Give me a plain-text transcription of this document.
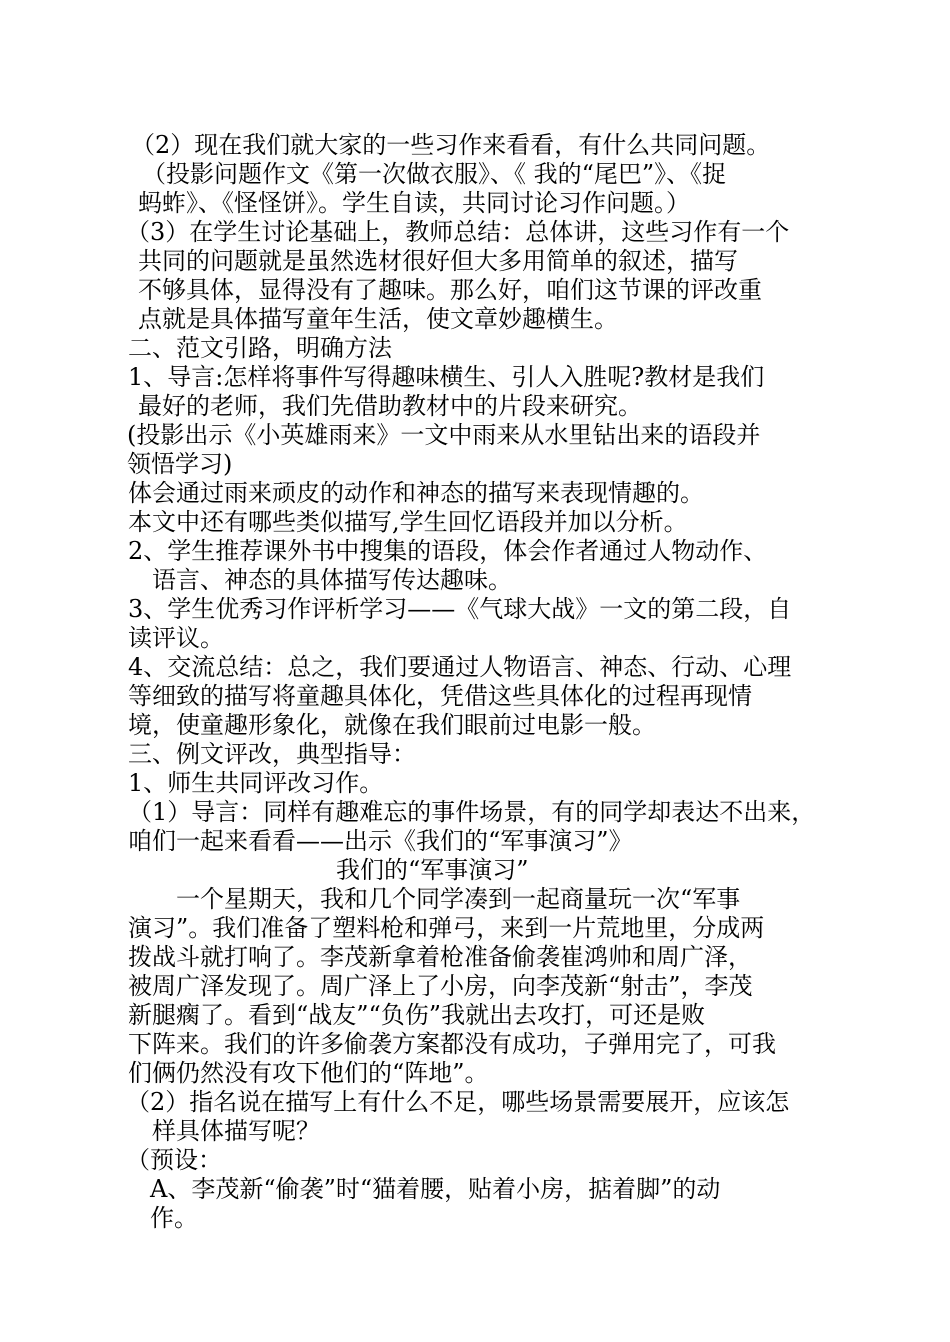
（2）现在我们就大家的一些习作来看看，有什么共同问题。
（投影问题作文《第一次做衣服》、《 我的“尾巴”》、《捉
蚂蚱》、《怪怪饼》。学生自读，共同讨论习作问题。）
（3）在学生讨论基础上，教师总结：总体讲，这些习作有一个
共同的问题就是虽然选材很好但大多用简单的叙述，描写
不够具体，显得没有了趣味。那么好，咱们这节课的评改重
点就是具体描写童年生活，使文章妙趣横生。
二、范文引路，明确方法
1、导言:怎样将事件写得趣味横生、引人入胜呢?教材是我们
最好的老师，我们先借助教材中的片段来研究。
(投影出示《小英雄雨来》一文中雨来从水里钻出来的语段并
领悟学习)
体会通过雨来顽皮的动作和神态的描写来表现情趣的。
本文中还有哪些类似描写,学生回忆语段并加以分析。
2、学生推荐课外书中搜集的语段，体会作者通过人物动作、
语言、神态的具体描写传达趣味。
3、学生优秀习作评析学习——《气球大战》一文的第二段，自
读评议。
4、交流总结：总之，我们要通过人物语言、神态、行动、心理
等细致的描写将童趣具体化，凭借这些具体化的过程再现情
境，使童趣形象化，就像在我们眼前过电影一般。
三、例文评改，典型指导：
1、师生共同评改习作。
（1）导言：同样有趣难忘的事件场景，有的同学却表达不出来，
咱们一起来看看——出示《我们的“军事演习”》
我们的“军事演习”
一个星期天，我和几个同学凑到一起商量玩一次“军事
演习”。我们准备了塑料枪和弹弓，来到一片荒地里，分成两
拨战斗就打响了。李茂新拿着枪准备偷袭崔鸿帅和周广泽，
被周广泽发现了。周广泽上了小房，向李茂新“射击”，李茂
新腿瘸了。看到“战友”“负伤”我就出去攻打，可还是败
下阵来。我们的许多偷袭方案都没有成功，子弹用完了，可我
们俩仍然没有攻下他们的“阵地”。
（2）指名说在描写上有什么不足，哪些场景需要展开，应该怎
样具体描写呢？
（预设：
A、李茂新“偷袭”时“猫着腰，贴着小房，掂着脚”的动
作。
